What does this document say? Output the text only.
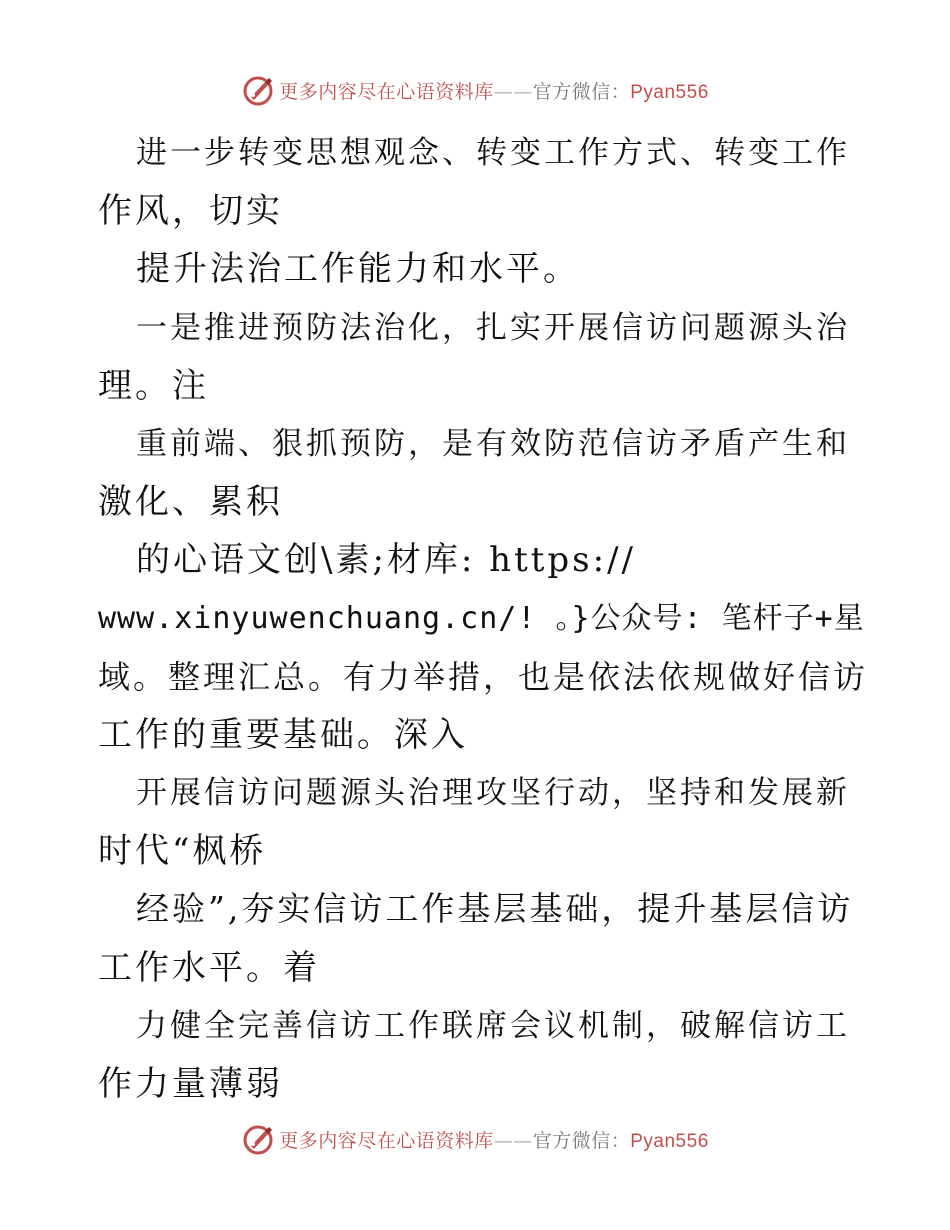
更多内容尽在心语资料库——官方微信：Pyan556
进一步转变思想观念、转变工作方式、转变工作
作风，切实
提升法治工作能力和水平。
一是推进预防法治化，扎实开展信访问题源头治
理。注
重前端、狠抓预防，是有效防范信访矛盾产生和
激化、累积
的心语文创\素;材库: https://
www.xinyuwenchuang.cn/! 。}公众号: 笔杆子+星
域。整理汇总。有力举措，也是依法依规做好信访
工作的重要基础。深入
开展信访问题源头治理攻坚行动，坚持和发展新
时代“枫桥
经验”,夯实信访工作基层基础，提升基层信访
工作水平。着
力健全完善信访工作联席会议机制，破解信访工
作力量薄弱
更多内容尽在心语资料库——官方微信：Pyan556
